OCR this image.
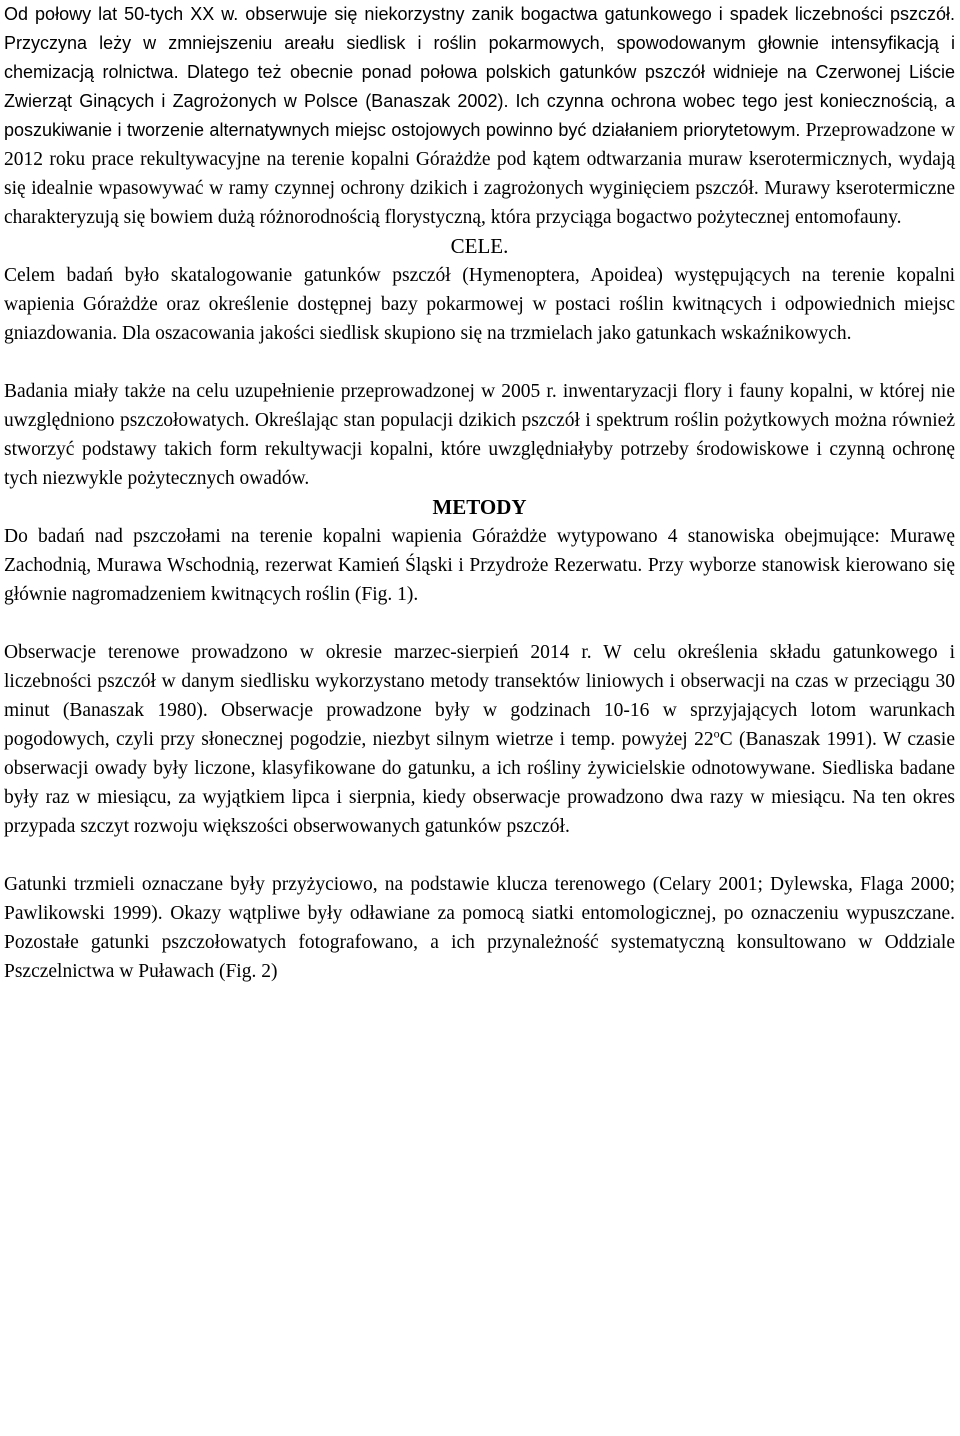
Od połowy lat 50-tych XX w. obserwuje się niekorzystny zanik bogactwa gatunkowego i spadek liczebności pszczół. Przyczyna leży w zmniejszeniu areału siedlisk i roślin pokarmowych, spowodowanym głownie intensyfikacją i chemizacją rolnictwa. Dlatego też obecnie ponad połowa polskich gatunków pszczół widnieje na Czerwonej Liście Zwierząt Ginących i Zagrożonych w Polsce (Banaszak 2002). Ich czynna ochrona wobec tego jest koniecznością, a poszukiwanie i tworzenie alternatywnych miejsc ostojowych powinno być działaniem priorytetowym. Przeprowadzone w 2012 roku prace rekultywacyjne na terenie kopalni Górażdże pod kątem odtwarzania muraw kserotermicznych, wydają się idealnie wpasowywać w ramy czynnej ochrony dzikich i zagrożonych wyginięciem pszczół. Murawy kserotermiczne charakteryzują się bowiem dużą różnorodnością florystyczną, która przyciąga bogactwo pożytecznej entomofauny.

CELE.

Celem badań było skatalogowanie gatunków pszczół (Hymenoptera, Apoidea) występujących na terenie kopalni wapienia Górażdże oraz określenie dostępnej bazy pokarmowej w postaci roślin kwitnących i odpowiednich miejsc gniazdowania. Dla oszacowania jakości siedlisk skupiono się na trzmielach jako gatunkach wskaźnikowych.

Badania miały także na celu uzupełnienie przeprowadzonej w 2005 r. inwentaryzacji flory i fauny kopalni, w której nie uwzględniono pszczołowatych. Określając stan populacji dzikich pszczół i spektrum roślin pożytkowych można również stworzyć podstawy takich form rekultywacji kopalni, które uwzględniałyby potrzeby środowiskowe i czynną ochronę tych niezwykle pożytecznych owadów.

METODY

Do badań nad pszczołami na terenie kopalni wapienia Górażdże wytypowano 4 stanowiska obejmujące: Murawę Zachodnią, Murawa Wschodnią, rezerwat Kamień Śląski i Przydroże Rezerwatu. Przy wyborze stanowisk kierowano się głównie nagromadzeniem kwitnących roślin (Fig. 1).

Obserwacje terenowe prowadzono w okresie marzec-sierpień 2014 r. W celu określenia składu gatunkowego i liczebności pszczół w danym siedlisku wykorzystano metody transektów liniowych i obserwacji na czas w przeciągu 30 minut (Banaszak 1980). Obserwacje prowadzone były w godzinach 10-16 w sprzyjających lotom warunkach pogodowych, czyli przy słonecznej pogodzie, niezbyt silnym wietrze i temp. powyżej 22$^o$C (Banaszak 1991). W czasie obserwacji owady były liczone, klasyfikowane do gatunku, a ich rośliny żywicielskie odnotowywane. Siedliska badane były raz w miesiącu, za wyjątkiem lipca i sierpnia, kiedy obserwacje prowadzono dwa razy w miesiącu. Na ten okres przypada szczyt rozwoju większości obserwowanych gatunków pszczół.

Gatunki trzmieli oznaczane były przyżyciowo, na podstawie klucza terenowego (Celary 2001; Dylewska, Flaga 2000; Pawlikowski 1999). Okazy wątpliwe były odławiane za pomocą siatki entomologicznej, po oznaczeniu wypuszczane. Pozostałe gatunki pszczołowatych fotografowano, a ich przynależność systematyczną konsultowano w Oddziale Pszczelnictwa w Puławach (Fig. 2)
